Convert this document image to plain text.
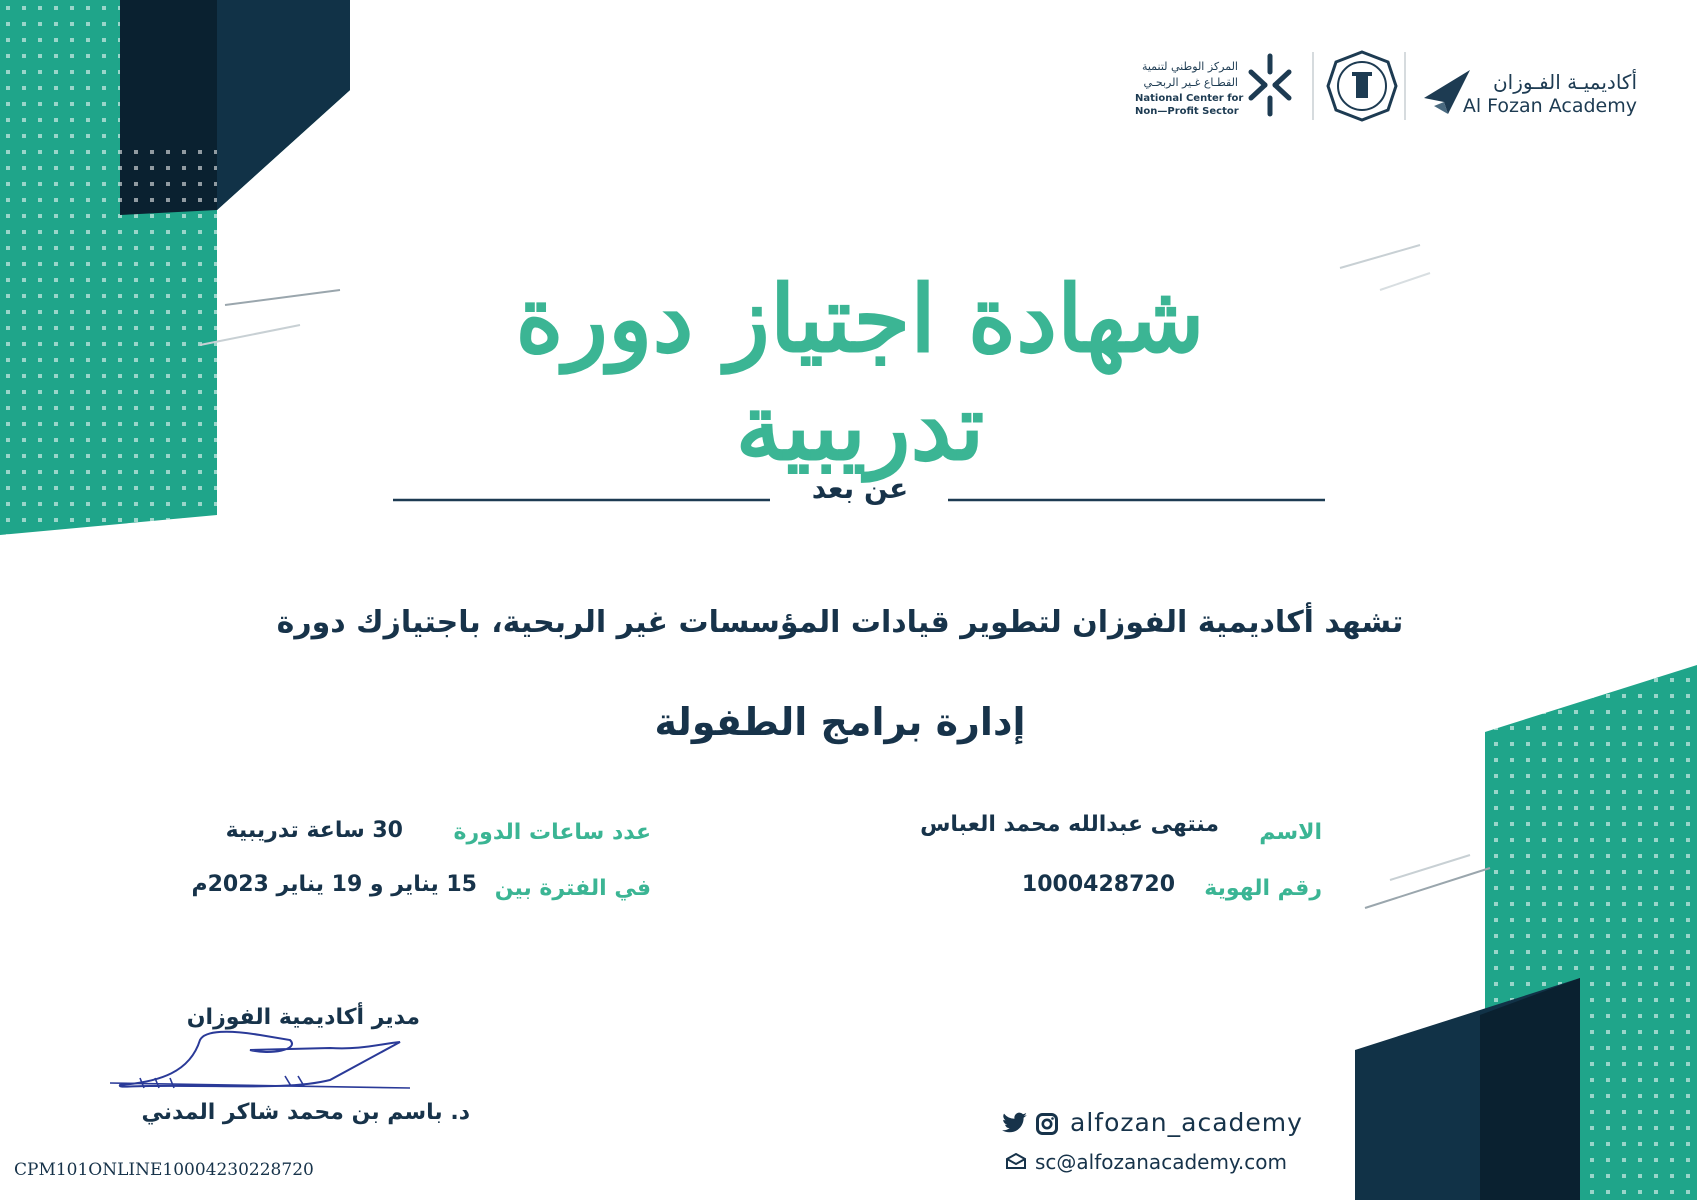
أكاديميـة الفـوزان
Al Fozan Academy
المركز الوطني لتنمية
القطـاع غـير الربحـي
National Center for
Non—Profit Sector
شهادة اجتياز دورة تدريبية
عن بعد
تشهد أكاديمية الفوزان لتطوير قيادات المؤسسات غير الربحية، باجتيازك دورة
إدارة برامج الطفولة
الاسم
منتهى عبدالله محمد العباس
رقم الهوية
1000428720
عدد ساعات الدورة
30 ساعة تدريبية
في الفترة بين
15 يناير و 19 يناير 2023م
مدير أكاديمية الفوزان
د. باسم بن محمد شاكر المدني	alfozan_academy
sc@alfozanacademy.com
CPM101ONLINE10004230228720
